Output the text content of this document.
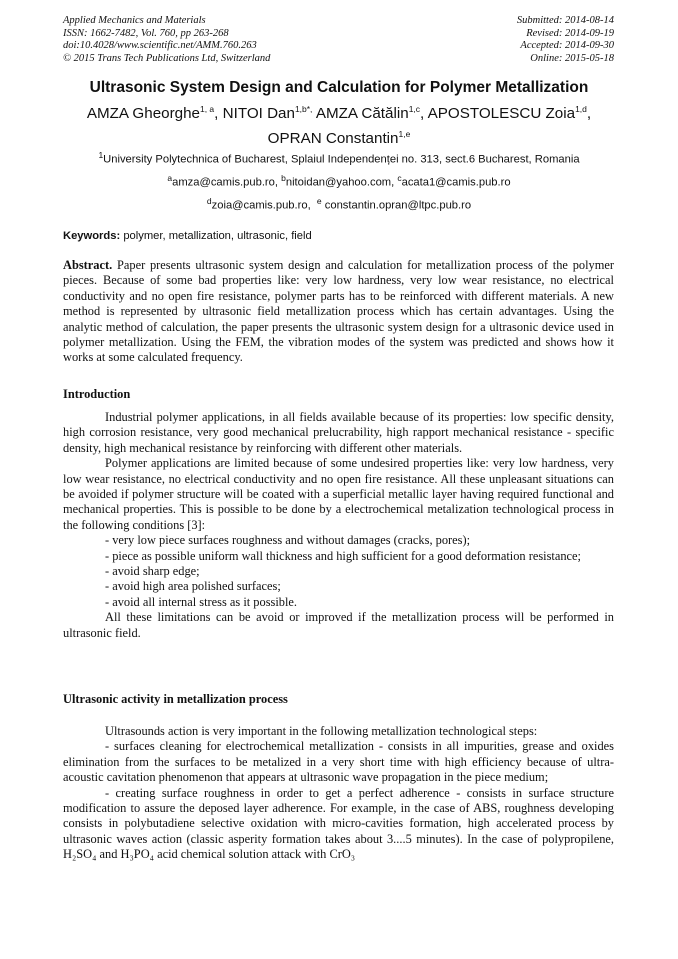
Applied Mechanics and Materials
ISSN: 1662-7482, Vol. 760, pp 263-268
doi:10.4028/www.scientific.net/AMM.760.263
© 2015 Trans Tech Publications Ltd, Switzerland
Submitted: 2014-08-14
Revised: 2014-09-19
Accepted: 2014-09-30
Online: 2015-05-18
Ultrasonic System Design and Calculation for Polymer Metallization
AMZA Gheorghe$^{1, a}$, NITOI Dan$^{1,b*,}$ AMZA Cătălin$^{1,c}$, APOSTOLESCU Zoia$^{1,d}$,
OPRAN Constantin$^{1,e}$
$^1$University Polytechnica of Bucharest, Splaiul Independenței no. 313, sect.6 Bucharest, Romania
$^a$amza@camis.pub.ro, $^b$nitoidan@yahoo.com, $^c$acata1@camis.pub.ro
$^d$zoia@camis.pub.ro,  $^e$ constantin.opran@ltpc.pub.ro
Keywords: polymer, metallization, ultrasonic, field

Abstract. Paper presents ultrasonic system design and calculation for metallization process of the polymer pieces. Because of some bad properties like: very low hardness, very low wear resistance, no electrical conductivity and no open fire resistance, polymer parts has to be reinforced with different materials. A new method is represented by ultrasonic field metallization process which has certain advantages. Using the analytic method of calculation, the paper presents the ultrasonic system design for a ultrasonic device used in polymer metallization. Using the FEM, the vibration modes of the system was predicted and shows how it works at some calculated frequency.

Introduction

Industrial polymer applications, in all fields available because of its properties: low specific density, high corrosion resistance, very good mechanical prelucrability, high rapport mechanical resistance - specific density, high mechanical resistance by reinforcing with different other materials.

Polymer applications are limited because of some undesired properties like: very low hardness, very low wear resistance, no electrical conductivity and no open fire resistance. All these unpleasant situations can be avoided if polymer structure will be coated with a superficial metallic layer having required functional and mechanical properties. This is possible to be done by a electrochemical metalization technological process in the following conditions [3]:

- very low piece surfaces roughness and without damages (cracks, pores);

- piece as possible uniform wall thickness and high sufficient for a good deformation resistance;

- avoid sharp edge;

- avoid high area polished surfaces;

- avoid all internal stress as it possible.

All these limitations can be avoid or improved if the metallization process will be performed in ultrasonic field.

Ultrasonic activity in metallization process

Ultrasounds action is very important in the following metallization technological steps:

- surfaces cleaning for electrochemical metallization - consists in all impurities, grease and oxides elimination from the surfaces to be metalized in a very short time with high efficiency because of ultra-acoustic cavitation phenomenon that appears at ultrasonic wave propagation in the piece medium;

- creating surface roughness in order to get a perfect adherence - consists in surface structure modification to assure the deposed layer adherence. For example, in the case of ABS, roughness developing consists in polybutadiene selective oxidation with micro-cavities formation, high accelerated process by ultrasonic waves action (classic asperity formation takes about 3....5 minutes). In the case of polypropilene, H₂SO₄ and H₃PO₄ acid chemical solution attack with CrO₃
